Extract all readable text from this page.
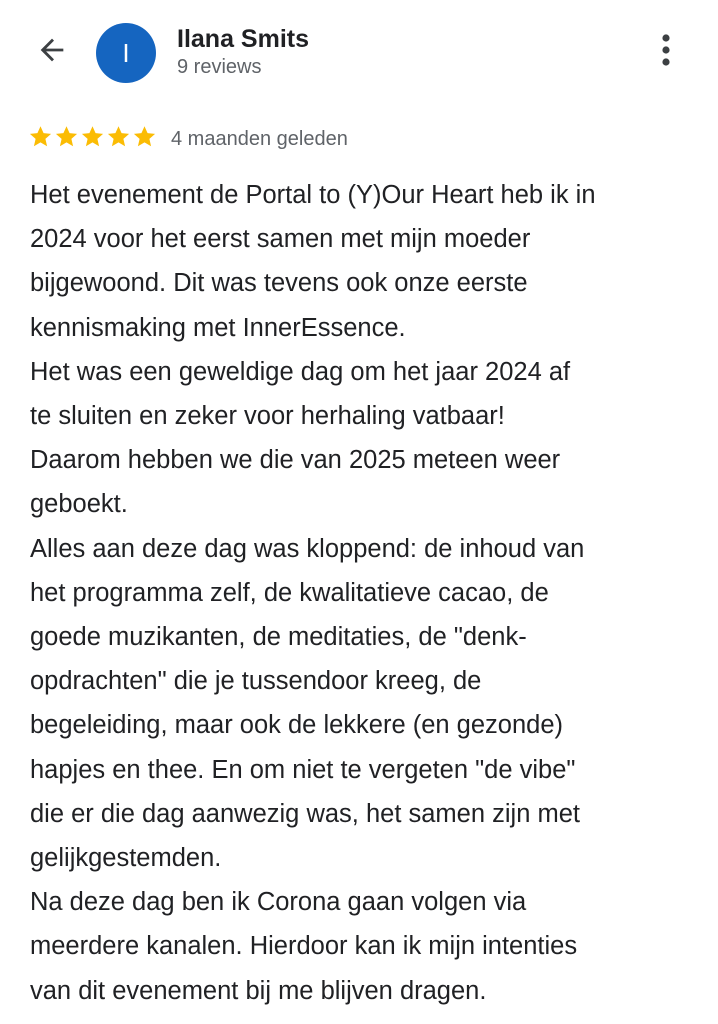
I Ilana Smits
9 reviews
4 maanden geleden
Het evenement de Portal to (Y)Our Heart heb ik in
2024 voor het eerst samen met mijn moeder
bijgewoond. Dit was tevens ook onze eerste
kennismaking met InnerEssence.
Het was een geweldige dag om het jaar 2024 af
te sluiten en zeker voor herhaling vatbaar!
Daarom hebben we die van 2025 meteen weer
geboekt.
Alles aan deze dag was kloppend: de inhoud van
het programma zelf, de kwalitatieve cacao, de
goede muzikanten, de meditaties, de "denk-
opdrachten" die je tussendoor kreeg, de
begeleiding, maar ook de lekkere (en gezonde)
hapjes en thee. En om niet te vergeten "de vibe"
die er die dag aanwezig was, het samen zijn met
gelijkgestemden.
Na deze dag ben ik Corona gaan volgen via
meerdere kanalen. Hierdoor kan ik mijn intenties
van dit evenement bij me blijven dragen.
